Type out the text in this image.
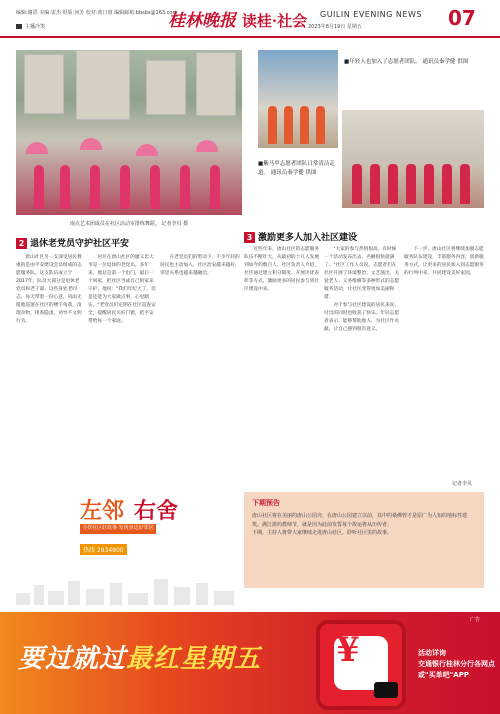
编辑:谢滔 美编:雷杰 组版:何芳 校对:黄日惠 编辑邮箱:bbsbs@163.com
主播冷笑	桂林晚报 读桂·社会 GUILIN EVENING NEWS
2023年8月19日 星期五	07
南点艺术团成员在社区活动室排练舞蹈。 记者李贝 摄
■年轻人也加入了志愿者团队。 通讯员秦学健 供图
■紫马甲志愿者团队日常清洁走道。 通讯员秦学健 供图
2 退休老党员守护社区平安

唐山社区另一支深受居民尊重的是由平安建设会员组成的志愿服务队。这支队伍成立于2017年，队员大部分是退休老党员和老干部。这些身处老同志，每天带着一份心意，风雨无阻地巡逻在社区的楼宇角落，清理杂物，排查隐患，劝导不文明行为。

居住在唐山社区的廖义忠大爷是一位退休的老党员。多年来，他总是第一个出门，最后一个回家，把社区当成自己的家来守护。他说："我们年纪大了，但是还能为大家做点事，心里踏实。"老党员们定期在社区巡查安全，提醒居民关好门窗，把平安带给每一个家庭。

在老党员们的带动下，不少年轻的居民也主动加入，社区治安越来越好，邻里关系也越来越融洽。

3 激励更多人加入社区建设

近些年来，唐山社区的志愿服务队伍不断壮大，从最初的十几人发展到如今的数百人。社区负责人介绍，社区通过建立积分制度、开展评优表彰等方式，激励更多的居民参与到社区建设中来。

"大家的参与热情很高，有时候一个活动发布出去，名额很快就满了。"社区工作人员说。志愿者们在社区开展了环境整治、文艺演出、关爱老人、义务维修等多种形式的志愿服务活动，让社区变得更加美丽和谐。

对于参与社区建设的居民来说，付出的同时也收获了快乐。年轻志愿者表示，能够帮助他人、为社区作贡献，让自己感到很有意义。

下一步，唐山社区将继续加强志愿服务队伍建设，丰富服务内容，创新服务方式，让更多的居民加入到志愿服务的行列中来，共同建设美好家园。

记者李贝
下期预告
唐山社区将在美丽的唐山公园旁，在唐山公园建立以前，其中的桑佛曾才是原广为人知的地标性建筑。满江游的教师节，就是因为此前发誓每个故运将从历传者。
下期，主持人将带大家继续走进唐山社区，聆听社区里的故事。
左邻 右舍
寻找社区好故事 发现身边好邻居
热线 2834800
广告
要过就过最红星期五 ¥	活动详询
交通银行桂林分行各网点
或"买单吧"APP
